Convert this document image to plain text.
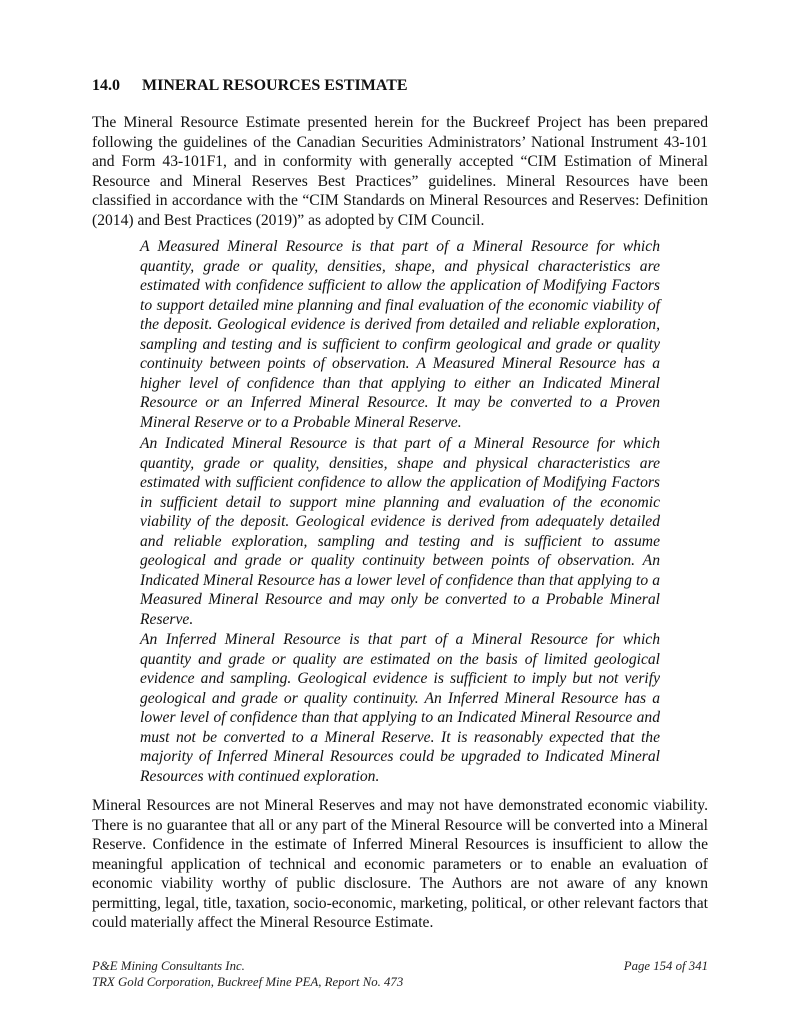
14.0 MINERAL RESOURCES ESTIMATE

The Mineral Resource Estimate presented herein for the Buckreef Project has been prepared following the guidelines of the Canadian Securities Administrators’ National Instrument 43-101 and Form 43-101F1, and in conformity with generally accepted “CIM Estimation of Mineral Resource and Mineral Reserves Best Practices” guidelines. Mineral Resources have been classified in accordance with the “CIM Standards on Mineral Resources and Reserves: Definition (2014) and Best Practices (2019)” as adopted by CIM Council.

A Measured Mineral Resource is that part of a Mineral Resource for which quantity, grade or quality, densities, shape, and physical characteristics are estimated with confidence sufficient to allow the application of Modifying Factors to support detailed mine planning and final evaluation of the economic viability of the deposit. Geological evidence is derived from detailed and reliable exploration, sampling and testing and is sufficient to confirm geological and grade or quality continuity between points of observation. A Measured Mineral Resource has a higher level of confidence than that applying to either an Indicated Mineral Resource or an Inferred Mineral Resource. It may be converted to a Proven Mineral Reserve or to a Probable Mineral Reserve.

An Indicated Mineral Resource is that part of a Mineral Resource for which quantity, grade or quality, densities, shape and physical characteristics are estimated with sufficient confidence to allow the application of Modifying Factors in sufficient detail to support mine planning and evaluation of the economic viability of the deposit. Geological evidence is derived from adequately detailed and reliable exploration, sampling and testing and is sufficient to assume geological and grade or quality continuity between points of observation. An Indicated Mineral Resource has a lower level of confidence than that applying to a Measured Mineral Resource and may only be converted to a Probable Mineral Reserve.

An Inferred Mineral Resource is that part of a Mineral Resource for which quantity and grade or quality are estimated on the basis of limited geological evidence and sampling. Geological evidence is sufficient to imply but not verify geological and grade or quality continuity. An Inferred Mineral Resource has a lower level of confidence than that applying to an Indicated Mineral Resource and must not be converted to a Mineral Reserve. It is reasonably expected that the majority of Inferred Mineral Resources could be upgraded to Indicated Mineral Resources with continued exploration.

Mineral Resources are not Mineral Reserves and may not have demonstrated economic viability. There is no guarantee that all or any part of the Mineral Resource will be converted into a Mineral Reserve. Confidence in the estimate of Inferred Mineral Resources is insufficient to allow the meaningful application of technical and economic parameters or to enable an evaluation of economic viability worthy of public disclosure. The Authors are not aware of any known permitting, legal, title, taxation, socio-economic, marketing, political, or other relevant factors that could materially affect the Mineral Resource Estimate.

P&E Mining Consultants Inc.
TRX Gold Corporation, Buckreef Mine PEA, Report No. 473
Page 154 of 341
